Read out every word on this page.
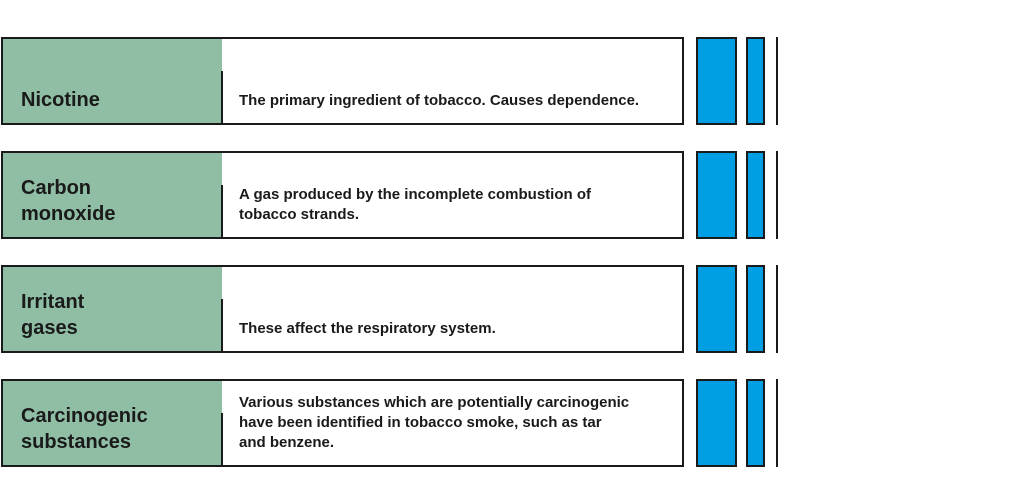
Nicotine	The primary ingredient of tobacco. Causes dependence.

Carbon
monoxide

A gas produced by the incomplete combustion of
tobacco strands.

Irritant
gases	These affect the respiratory system.

Carcinogenic
substances

Various substances which are potentially carcinogenic
have been identified in tobacco smoke, such as tar
and benzene.
